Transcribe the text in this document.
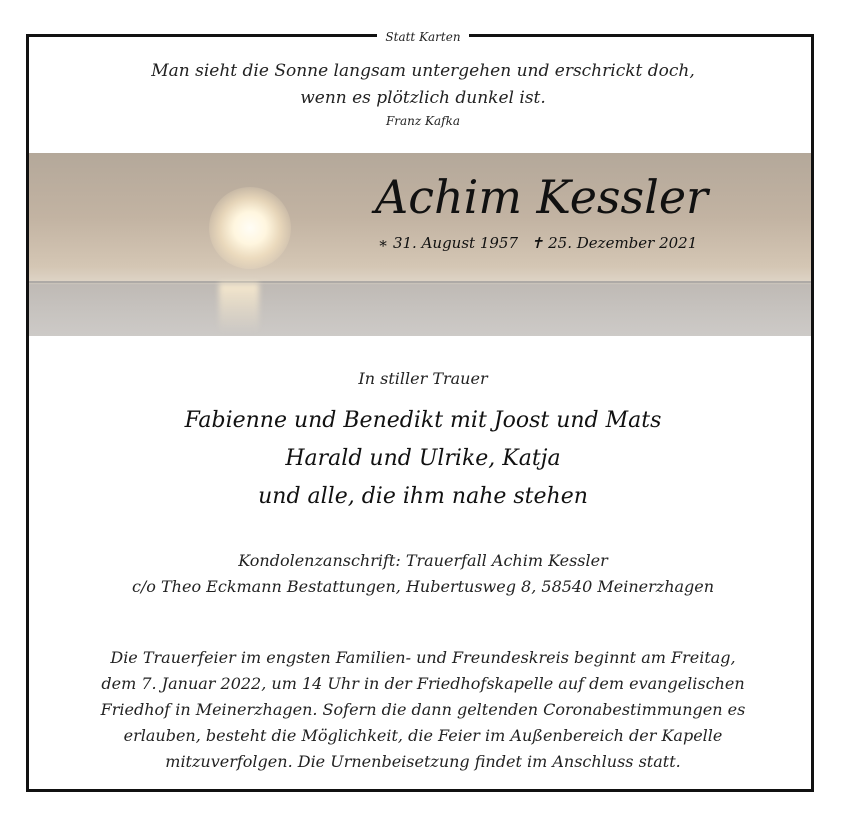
Statt Karten
Man sieht die Sonne langsam untergehen und erschrickt doch,
wenn es plötzlich dunkel ist.
Franz Kafka
Achim Kessler
∗ 31. August 1957 ✝ 25. Dezember 2021
In stiller Trauer
Fabienne und Benedikt mit Joost und Mats
Harald und Ulrike, Katja
und alle, die ihm nahe stehen
Kondolenzanschrift: Trauerfall Achim Kessler
c/o Theo Eckmann Bestattungen, Hubertusweg 8, 58540 Meinerzhagen
Die Trauerfeier im engsten Familien- und Freundeskreis beginnt am Freitag,
dem 7. Januar 2022, um 14 Uhr in der Friedhofskapelle auf dem evangelischen
Friedhof in Meinerzhagen. Sofern die dann geltenden Coronabestimmungen es
erlauben, besteht die Möglichkeit, die Feier im Außenbereich der Kapelle
mitzuverfolgen. Die Urnenbeisetzung findet im Anschluss statt.
